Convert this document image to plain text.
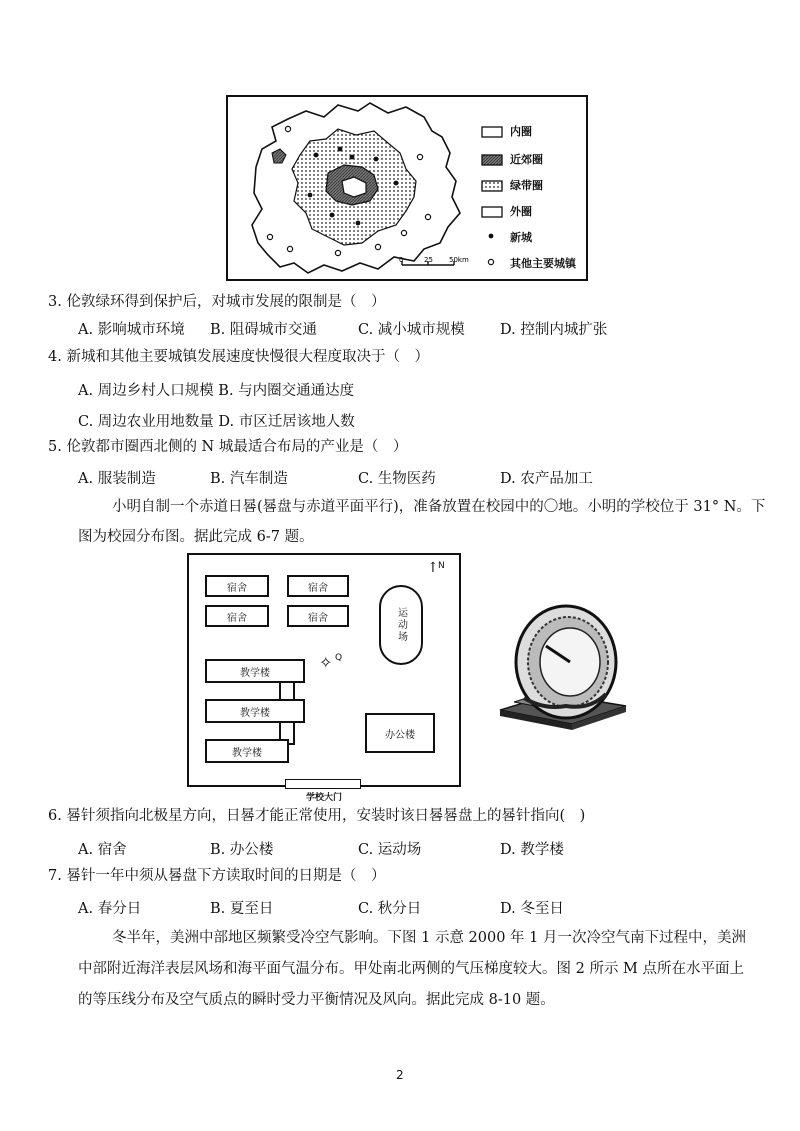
0	25 50km
内圈
近郊圈
绿带圈
外圈
新城
其他主要城镇
3. 伦敦绿环得到保护后，对城市发展的限制是（　）
A. 影响城市环境 B. 阻碍城市交通	C. 减小城市规模 D. 控制内城扩张
4. 新城和其他主要城镇发展速度快慢很大程度取决于（　）
A. 周边乡村人口规模 B. 与内圈交通通达度
C. 周边农业用地数量 D. 市区迁居该地人数
5. 伦敦都市圈西北侧的 N 城最适合布局的产业是（　）
A. 服装制造	B. 汽车制造	C. 生物医药	D. 农产品加工
小明自制一个赤道日晷(晷盘与赤道平面平行)，准备放置在校园中的〇地。小明的学校位于 31° N。下
图为校园分布图。据此完成 6-7 题。
宿舍	宿舍
宿舍	宿舍	运动场
教学楼
教学楼
教学楼
办公楼
✧ Q
↑ N
学校大门
6. 晷针须指向北极星方向，日晷才能正常使用，安装时该日晷晷盘上的晷针指向(　)
A. 宿舍	B. 办公楼	C. 运动场	D. 教学楼
7. 晷针一年中须从晷盘下方读取时间的日期是（　）
A. 春分日	B. 夏至日	C. 秋分日	D. 冬至日
冬半年，美洲中部地区频繁受冷空气影响。下图 1 示意 2000 年 1 月一次冷空气南下过程中，美洲中部附近海洋表层风场和海平面气温分布。甲处南北两侧的气压梯度较大。图 2 所示 M 点所在水平面上的等压线分布及空气质点的瞬时受力平衡情况及风向。据此完成 8-10 题。
2
